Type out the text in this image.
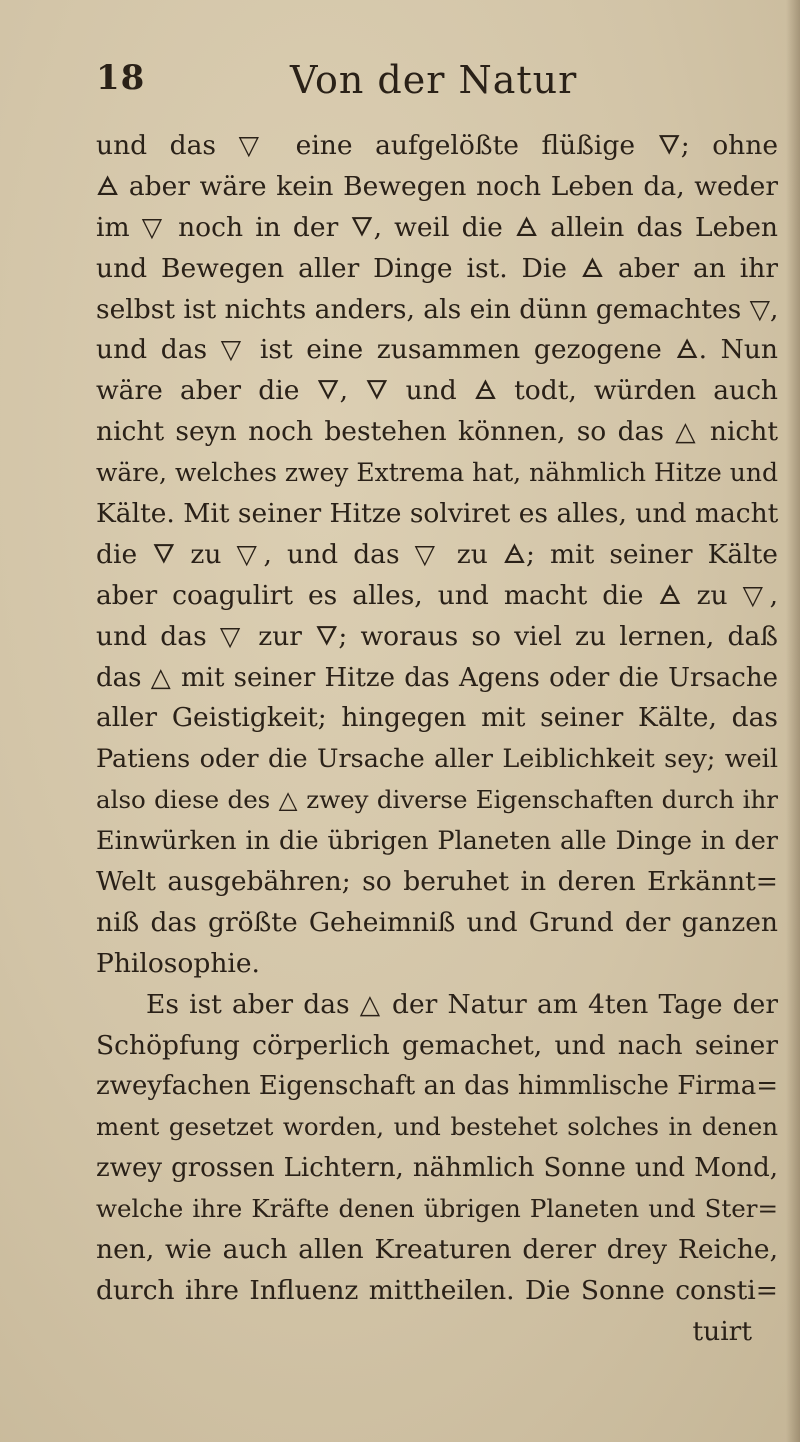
18	Von der Natur
und das ▽ eine aufgelößte flüßige 🜄; ohne
🜁 aber wäre kein Bewegen noch Leben da, weder
im ▽ noch in der 🜄, weil die 🜁 allein das Leben
und Bewegen aller Dinge ist. Die 🜁 aber an ihr
selbst ist nichts anders, als ein dünn gemachtes ▽,
und das ▽ ist eine zusammen gezogene 🜁. Nun
wäre aber die 🜄, 🜄 und 🜁 todt, würden auch
nicht seyn noch bestehen können, so das △ nicht
wäre, welches zwey Extrema hat, nähmlich Hitze und
Kälte. Mit seiner Hitze solviret es alles, und macht
die 🜄 zu ▽, und das ▽ zu 🜁; mit seiner Kälte
aber coagulirt es alles, und macht die 🜁 zu ▽,
und das ▽ zur 🜄; woraus so viel zu lernen, daß
das △ mit seiner Hitze das Agens oder die Ursache
aller Geistigkeit; hingegen mit seiner Kälte, das
Patiens oder die Ursache aller Leiblichkeit sey; weil
also diese des △ zwey diverse Eigenschaften durch ihr
Einwürken in die übrigen Planeten alle Dinge in der
Welt ausgebähren; so beruhet in deren Erkännt=
niß das größte Geheimniß und Grund der ganzen
Philosophie.
Es ist aber das △ der Natur am 4ten Tage der
Schöpfung cörperlich gemachet, und nach seiner
zweyfachen Eigenschaft an das himmlische Firma=
ment gesetzet worden, und bestehet solches in denen
zwey grossen Lichtern, nähmlich Sonne und Mond,
welche ihre Kräfte denen übrigen Planeten und Ster=
nen, wie auch allen Kreaturen derer drey Reiche,
durch ihre Influenz mittheilen. Die Sonne consti=
tuirt
